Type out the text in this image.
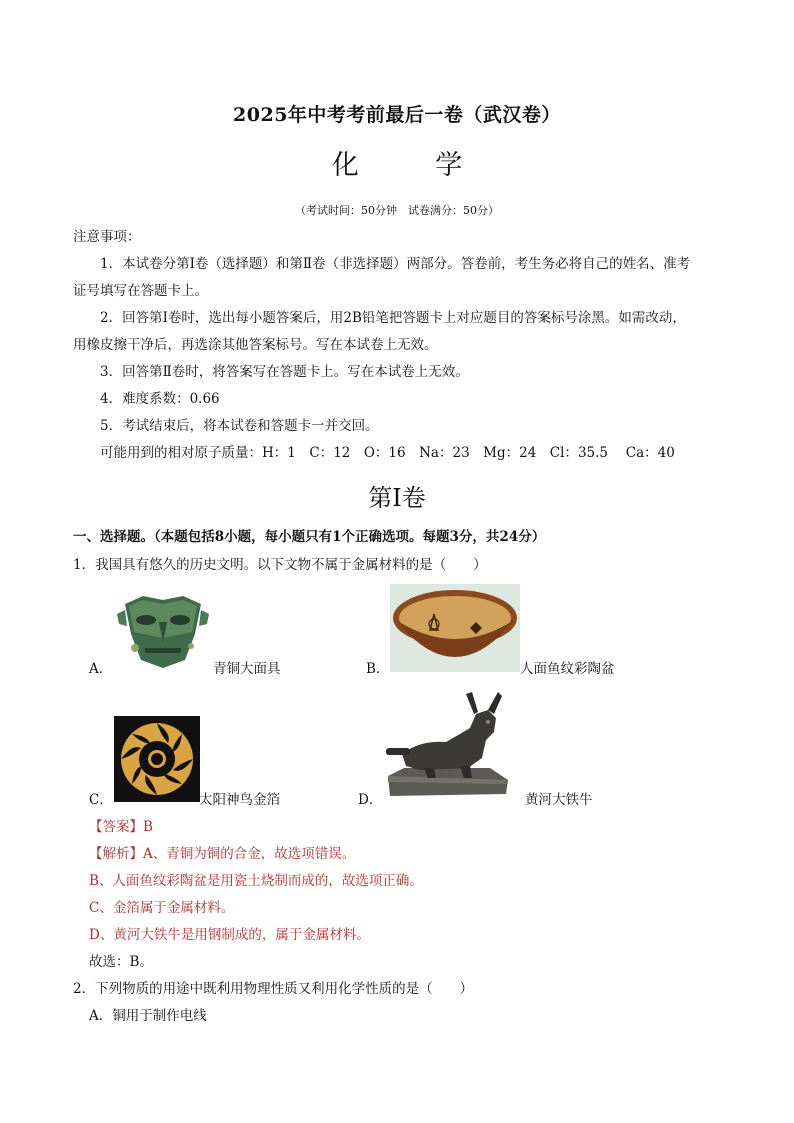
2025年中考考前最后一卷（武汉卷）
化 学
（考试时间：50分钟　试卷满分：50分）
注意事项：
1．本试卷分第Ⅰ卷（选择题）和第Ⅱ卷（非选择题）两部分。答卷前，考生务必将自己的姓名、准考
证号填写在答题卡上。
2．回答第Ⅰ卷时，选出每小题答案后，用2B铅笔把答题卡上对应题目的答案标号涂黑。如需改动，
用橡皮擦干净后，再选涂其他答案标号。写在本试卷上无效。
3．回答第Ⅱ卷时，将答案写在答题卡上。写在本试卷上无效。
4．难度系数：0.66
5．考试结束后，将本试卷和答题卡一并交回。
可能用到的相对原子质量：H：1　C：12　O：16　Na：23　Mg：24　Cl：35.5　 Ca：40
第Ⅰ卷
一、选择题。（本题包括8小题，每小题只有1个正确选项。每题3分，共24分）
1．我国具有悠久的历史文明。以下文物不属于金属材料的是（　　）
A．	青铜大面具	B．	人面鱼纹彩陶盆
C．	太阳神鸟金箔	D．	黄河大铁牛
【答案】B
【解析】A、青铜为铜的合金，故选项错误。
B、人面鱼纹彩陶盆是用瓷土烧制而成的，故选项正确。
C、金箔属于金属材料。
D、黄河大铁牛是用钢制成的，属于金属材料。
故选：B。
2．下列物质的用途中既利用物理性质又利用化学性质的是（　　）
A．铜用于制作电线
